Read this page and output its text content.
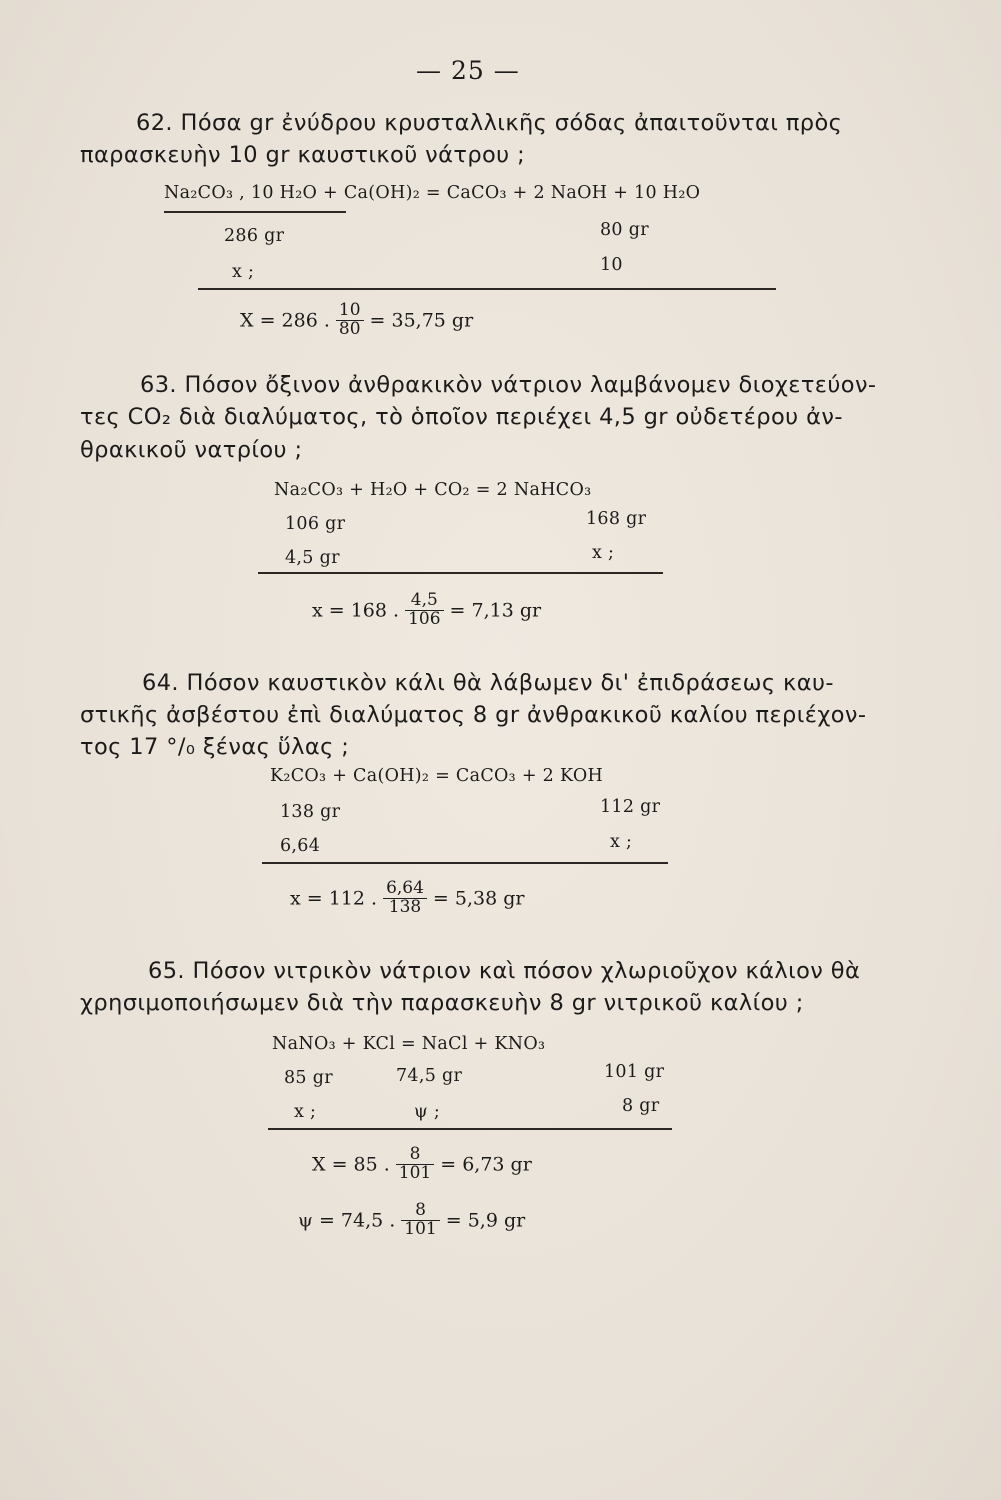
— 25 —
62. Πόσα gr ἐνύδρου κρυσταλλικῆς σόδας ἀπαιτοῦνται πρὸς
παρασκευὴν 10 gr καυστικοῦ νάτρου ;
Na₂CO₃ , 10 H₂O + Ca(OH)₂ = CaCO₃ + 2 NaOH + 10 H₂O
286 gr	80 gr
x ;	10
X = 286 . $\frac{10}{80} = 35,75$ gr
63. Πόσον ὄξινον ἀνθρακικὸν νάτριον λαμβάνομεν διοχετεύον-
τες CO₂ διὰ διαλύματος, τὸ ὁποῖον περιέχει 4,5 gr οὐδετέρου ἀν-
θρακικοῦ νατρίου ;
Na₂CO₃ + H₂O + CO₂ = 2 NaHCO₃
106 gr	168 gr
4,5 gr	x ;
x = 168 . $\frac{4,5}{106} = 7,13$ gr
64. Πόσον καυστικὸν κάλι θὰ λάβωμεν δι' ἐπιδράσεως καυ-
στικῆς ἀσβέστου ἐπὶ διαλύματος 8 gr ἀνθρακικοῦ καλίου περιέχον-
τος 17 °/₀ ξένας ὕλας ;
K₂CO₃ + Ca(OH)₂ = CaCO₃ + 2 KOH
138 gr	112 gr
6,64	x ;
x = 112 . $\frac{6,64}{138} = 5,38$ gr
65. Πόσον νιτρικὸν νάτριον καὶ πόσον χλωριοῦχον κάλιον θὰ
χρησιμοποιήσωμεν διὰ τὴν παρασκευὴν 8 gr νιτρικοῦ καλίου ;
NaNO₃ + KCl = NaCl + KNO₃
85 gr	74,5 gr	101 gr
x ;	ψ ;	8 gr
X = 85 . $\frac{8}{101} = 6,73$ gr
ψ = 74,5 . $\frac{8}{101} = 5,9$ gr
